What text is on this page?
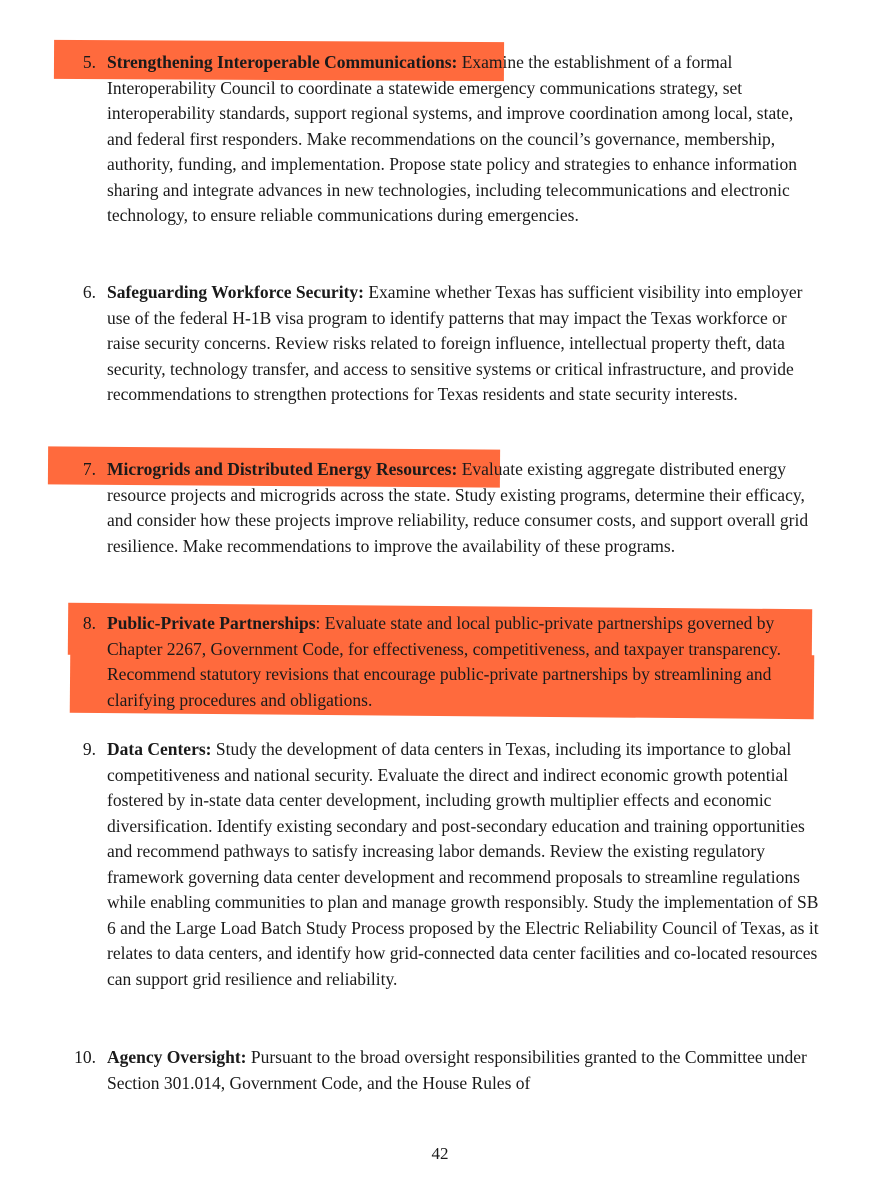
5. Strengthening Interoperable Communications: Examine the establishment of a formal Interoperability Council to coordinate a statewide emergency communications strategy, set interoperability standards, support regional systems, and improve coordination among local, state, and federal first responders. Make recommendations on the council’s governance, membership, authority, funding, and implementation. Propose state policy and strategies to enhance information sharing and integrate advances in new technologies, including telecommunications and electronic technology, to ensure reliable communications during emergencies.

6. Safeguarding Workforce Security: Examine whether Texas has sufficient visibility into employer use of the federal H-1B visa program to identify patterns that may impact the Texas workforce or raise security concerns. Review risks related to foreign influence, intellectual property theft, data security, technology transfer, and access to sensitive systems or critical infrastructure, and provide recommendations to strengthen protections for Texas residents and state security interests.

7. Microgrids and Distributed Energy Resources: Evaluate existing aggregate distributed energy resource projects and microgrids across the state. Study existing programs, determine their efficacy, and consider how these projects improve reliability, reduce consumer costs, and support overall grid resilience. Make recommendations to improve the availability of these programs.

8. Public-Private Partnerships: Evaluate state and local public-private partnerships governed by Chapter 2267, Government Code, for effectiveness, competitiveness, and taxpayer transparency. Recommend statutory revisions that encourage public-private partnerships by streamlining and clarifying procedures and obligations.

9. Data Centers: Study the development of data centers in Texas, including its importance to global competitiveness and national security. Evaluate the direct and indirect economic growth potential fostered by in-state data center development, including growth multiplier effects and economic diversification. Identify existing secondary and post-secondary education and training opportunities and recommend pathways to satisfy increasing labor demands. Review the existing regulatory framework governing data center development and recommend proposals to streamline regulations while enabling communities to plan and manage growth responsibly. Study the implementation of SB 6 and the Large Load Batch Study Process proposed by the Electric Reliability Council of Texas, as it relates to data centers, and identify how grid-connected data center facilities and co-located resources can support grid resilience and reliability.

10. Agency Oversight: Pursuant to the broad oversight responsibilities granted to the Committee under Section 301.014, Government Code, and the House Rules of

42
